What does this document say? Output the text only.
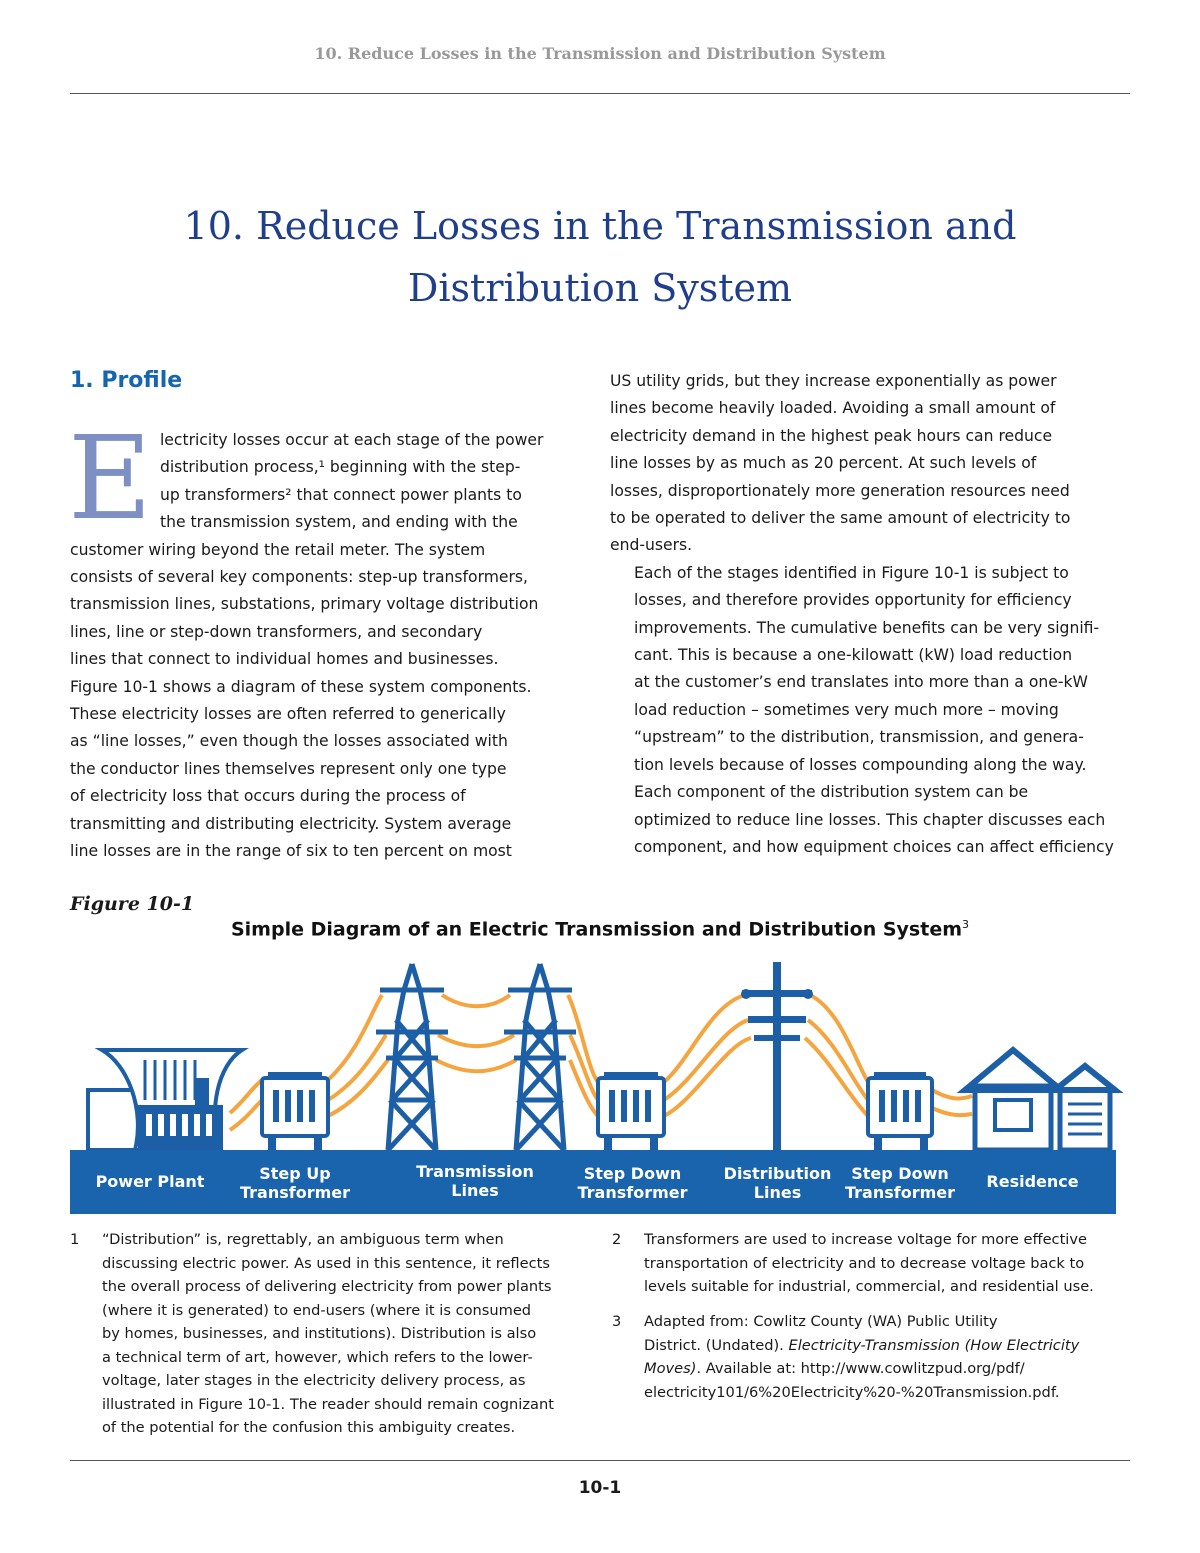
10. Reduce Losses in the Transmission and Distribution System
10. Reduce Losses in the Transmission and
Distribution System
1. Profile
E lectricity losses occur at each stage of the power
distribution process,¹ beginning with the step-
up transformers² that connect power plants to
the transmission system, and ending with the
customer wiring beyond the retail meter. The system
consists of several key components: step-up transformers,
transmission lines, substations, primary voltage distribution
lines, line or step-down transformers, and secondary
lines that connect to individual homes and businesses.
Figure 10-1 shows a diagram of these system components.
These electricity losses are often referred to generically
as “line losses,” even though the losses associated with
the conductor lines themselves represent only one type
of electricity loss that occurs during the process of
transmitting and distributing electricity. System average
line losses are in the range of six to ten percent on most

US utility grids, but they increase exponentially as power
lines become heavily loaded. Avoiding a small amount of
electricity demand in the highest peak hours can reduce
line losses by as much as 20 percent. At such levels of
losses, disproportionately more generation resources need
to be operated to deliver the same amount of electricity to
end-users.

Each of the stages identified in Figure 10-1 is subject to
losses, and therefore provides opportunity for efficiency
improvements. The cumulative benefits can be very signifi-
cant. This is because a one-kilowatt (kW) load reduction
at the customer’s end translates into more than a one-kW
load reduction – sometimes very much more – moving
“upstream” to the distribution, transmission, and genera-
tion levels because of losses compounding along the way.

Each component of the distribution system can be
optimized to reduce line losses. This chapter discusses each
component, and how equipment choices can affect efficiency

Figure 10-1
Simple Diagram of an Electric Transmission and Distribution System$^3$
Power Plant	Step Up
Transformer
Transmission
Lines
Step Down
Transformer
Distribution
Lines
Step Down
Transformer
Residence
1 “Distribution” is, regrettably, an ambiguous term when
discussing electric power. As used in this sentence, it reflects
the overall process of delivering electricity from power plants
(where it is generated) to end-users (where it is consumed
by homes, businesses, and institutions). Distribution is also
a technical term of art, however, which refers to the lower-
voltage, later stages in the electricity delivery process, as
illustrated in Figure 10-1. The reader should remain cognizant
of the potential for the confusion this ambiguity creates.
2 Transformers are used to increase voltage for more effective
transportation of electricity and to decrease voltage back to
levels suitable for industrial, commercial, and residential use.
3 Adapted from: Cowlitz County (WA) Public Utility
District. (Undated). Electricity-Transmission (How Electricity
Moves). Available at: http://www.cowlitzpud.org/pdf/
electricity101/6%20Electricity%20-%20Transmission.pdf.
10-1
